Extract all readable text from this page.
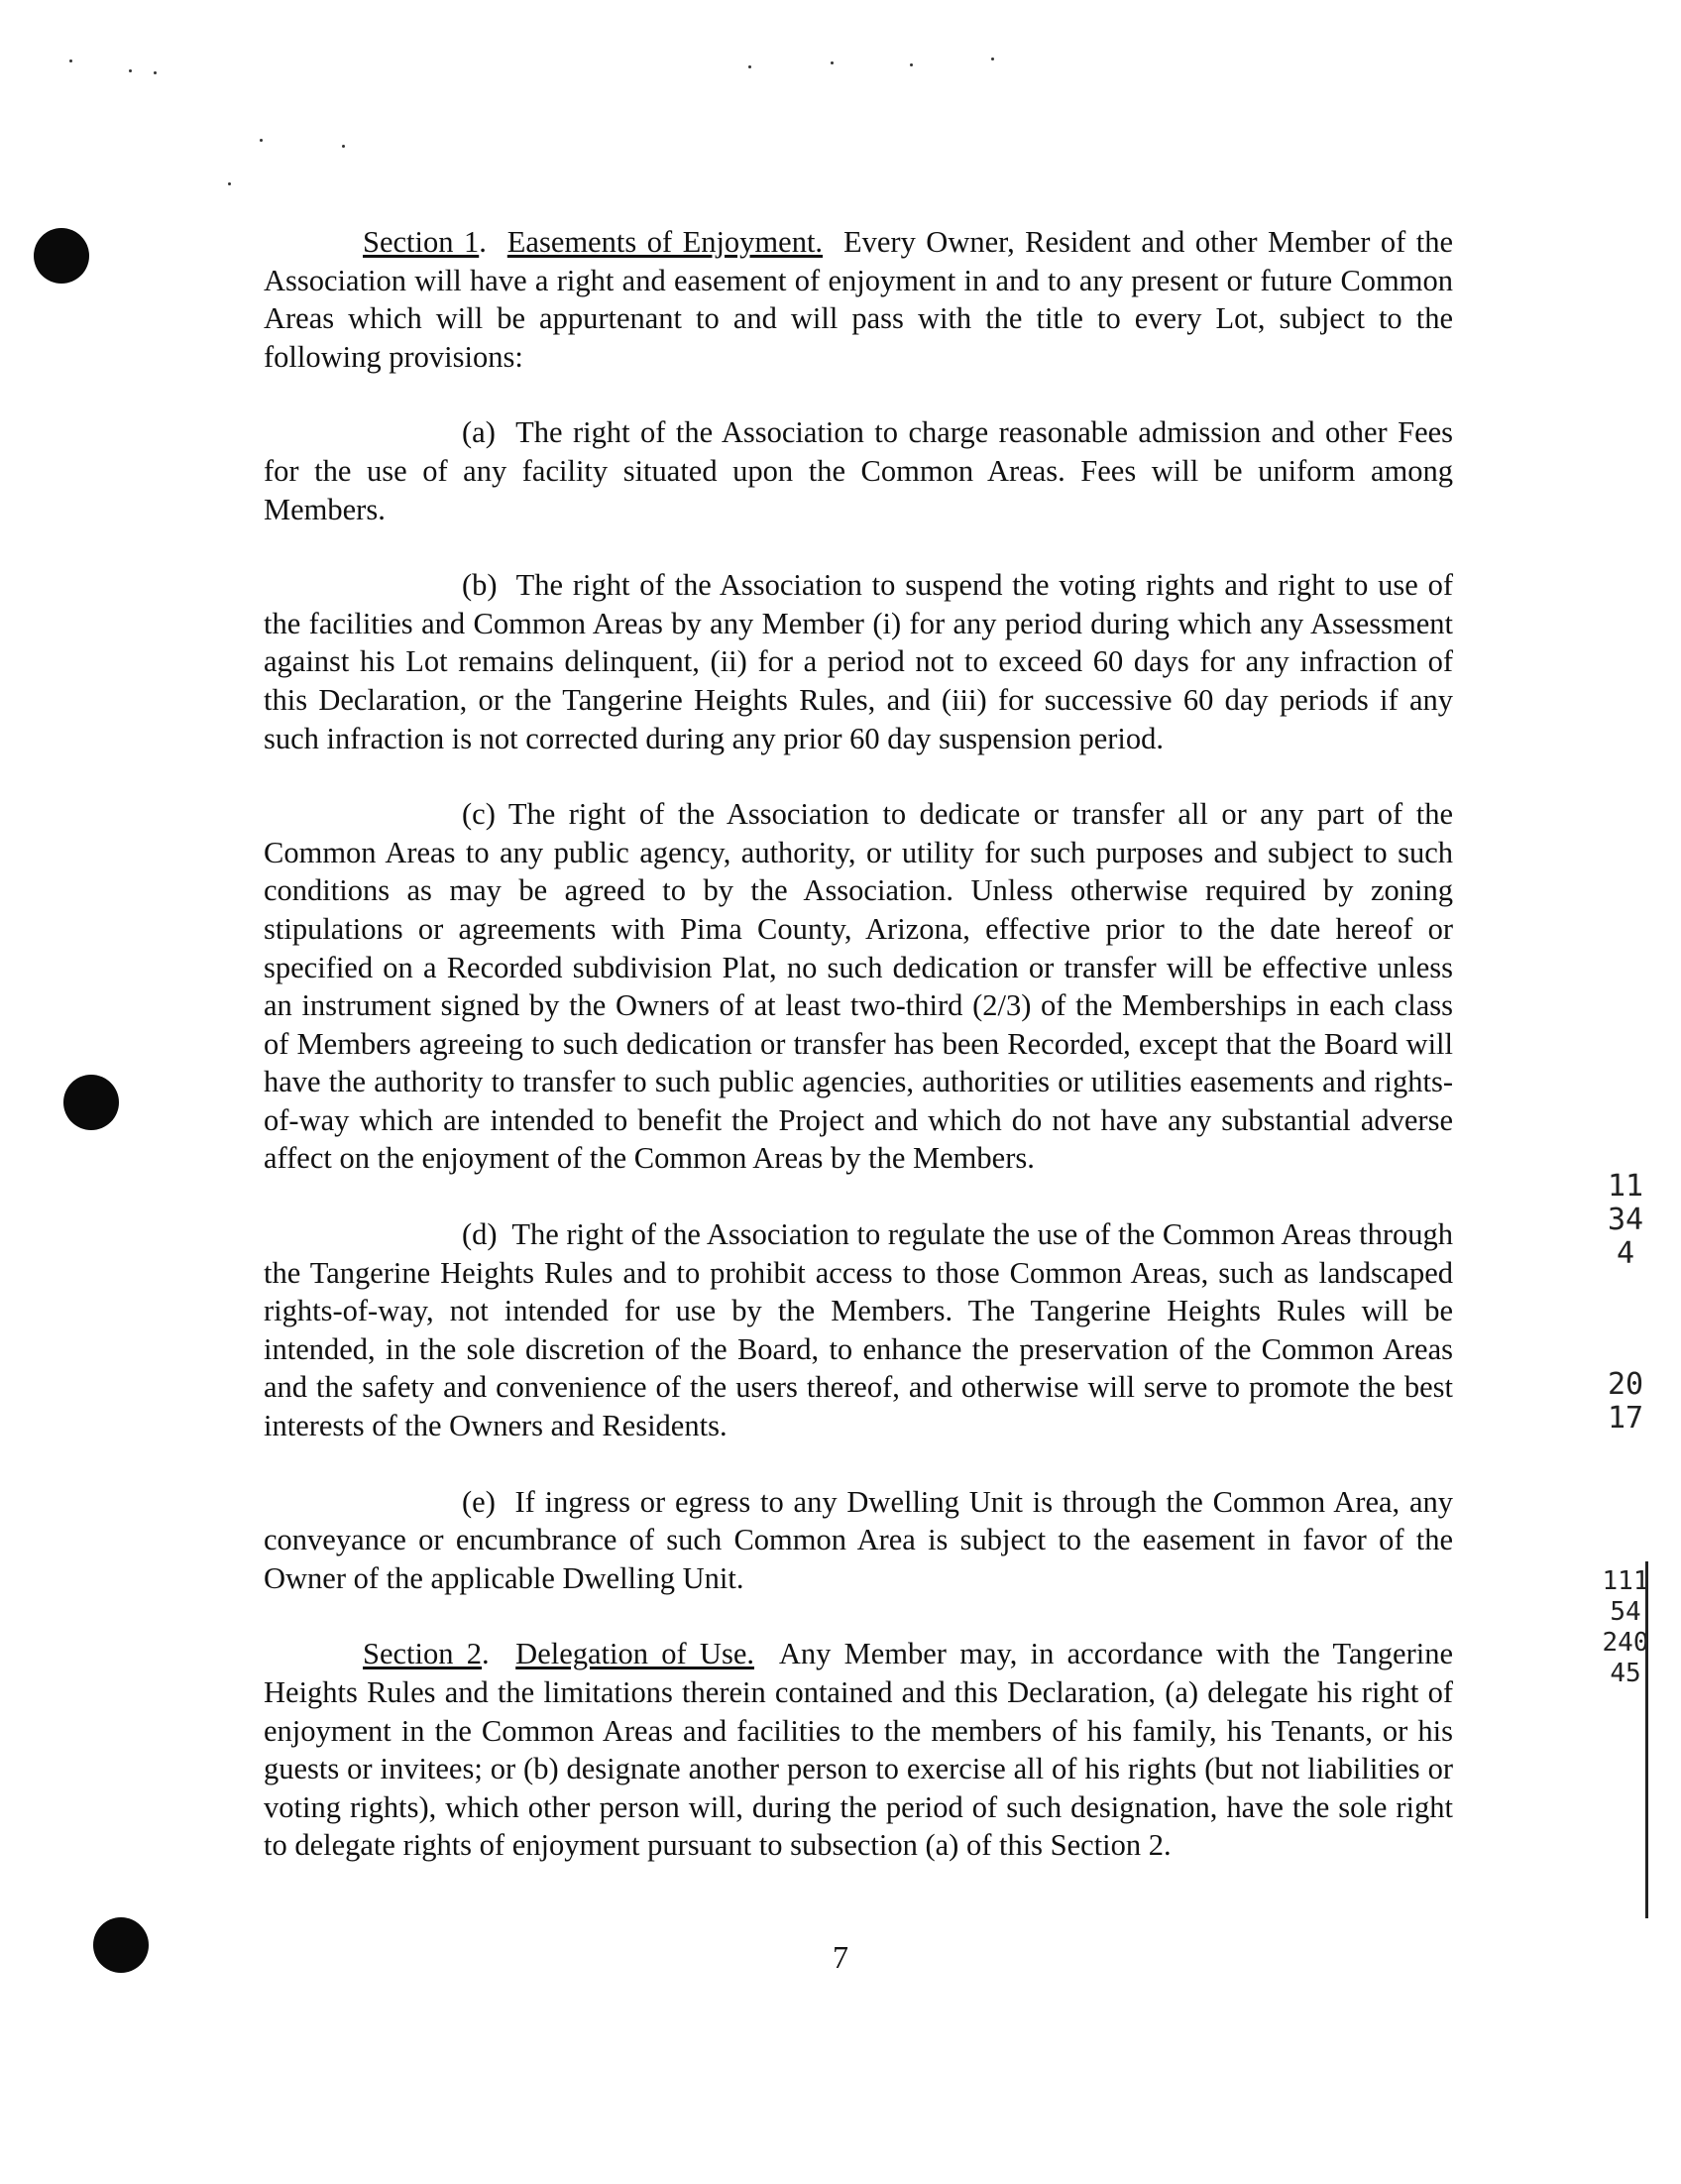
Section 1.  Easements of Enjoyment. Every Owner, Resident and other Member of the Association will have a right and easement of enjoyment in and to any present or future Common Areas which will be appurtenant to and will pass with the title to every Lot, subject to the following provisions:

(a) The right of the Association to charge reasonable admission and other Fees for the use of any facility situated upon the Common Areas. Fees will be uniform among Members.

(b) The right of the Association to suspend the voting rights and right to use of the facilities and Common Areas by any Member (i) for any period during which any Assessment against his Lot remains delinquent, (ii) for a period not to exceed 60 days for any infraction of this Declaration, or the Tangerine Heights Rules, and (iii) for successive 60 day periods if any such infraction is not corrected during any prior 60 day suspension period.

(c) The right of the Association to dedicate or transfer all or any part of the Common Areas to any public agency, authority, or utility for such purposes and subject to such conditions as may be agreed to by the Association. Unless otherwise required by zoning stipulations or agreements with Pima County, Arizona, effective prior to the date hereof or specified on a Recorded subdivision Plat, no such dedication or transfer will be effective unless an instrument signed by the Owners of at least two-third (2/3) of the Memberships in each class of Members agreeing to such dedication or transfer has been Recorded, except that the Board will have the authority to transfer to such public agencies, authorities or utilities easements and rights-of-way which are intended to benefit the Project and which do not have any substantial adverse affect on the enjoyment of the Common Areas by the Members.

(d) The right of the Association to regulate the use of the Common Areas through the Tangerine Heights Rules and to prohibit access to those Common Areas, such as landscaped rights-of-way, not intended for use by the Members. The Tangerine Heights Rules will be intended, in the sole discretion of the Board, to enhance the preservation of the Common Areas and the safety and convenience of the users thereof, and otherwise will serve to promote the best interests of the Owners and Residents.

(e) If ingress or egress to any Dwelling Unit is through the Common Area, any conveyance or encumbrance of such Common Area is subject to the easement in favor of the Owner of the applicable Dwelling Unit.

Section 2.  Delegation of Use. Any Member may, in accordance with the Tangerine Heights Rules and the limitations therein contained and this Declaration, (a) delegate his right of enjoyment in the Common Areas and facilities to the members of his family, his Tenants, or his guests or invitees; or (b) designate another person to exercise all of his rights (but not liabilities or voting rights), which other person will, during the period of such designation, have the sole right to delegate rights of enjoyment pursuant to subsection (a) of this Section 2.

7
11344
2017
11154 24045
